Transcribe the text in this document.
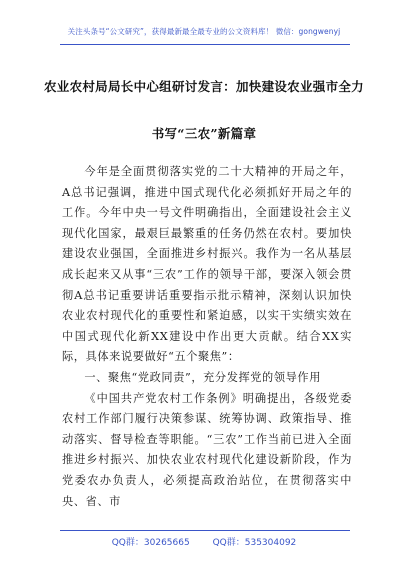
关注头条号“公文研究”，获得最新最全最专业的公文资料库！ 微信：gongwenyj
农业农村局局长中心组研讨发言：加快建设农业强市全力
书写“三农”新篇章

今年是全面贯彻落实党的二十大精神的开局之年，A总书记强调，推进中国式现代化必须抓好开局之年的工作。今年中央一号文件明确指出，全面建设社会主义现代化国家，最艰巨最繁重的任务仍然在农村。要加快建设农业强国，全面推进乡村振兴。我作为一名从基层成长起来又从事“三农”工作的领导干部，要深入领会贯彻A总书记重要讲话重要指示批示精神，深刻认识加快农业农村现代化的重要性和紧迫感，以实干实绩实效在中国式现代化新XX建设中作出更大贡献。结合XX实际，具体来说要做好“五个聚焦”：

一、聚焦“党政同责”，充分发挥党的领导作用

《中国共产党农村工作条例》明确提出，各级党委农村工作部门履行决策参谋、统筹协调、政策指导、推动落实、督导检查等职能。“三农”工作当前已进入全面推进乡村振兴、加快农业农村现代化建设新阶段，作为党委农办负责人，必须提高政治站位，在贯彻落实中央、省、市

QQ群：30265665	QQ群：535304092
